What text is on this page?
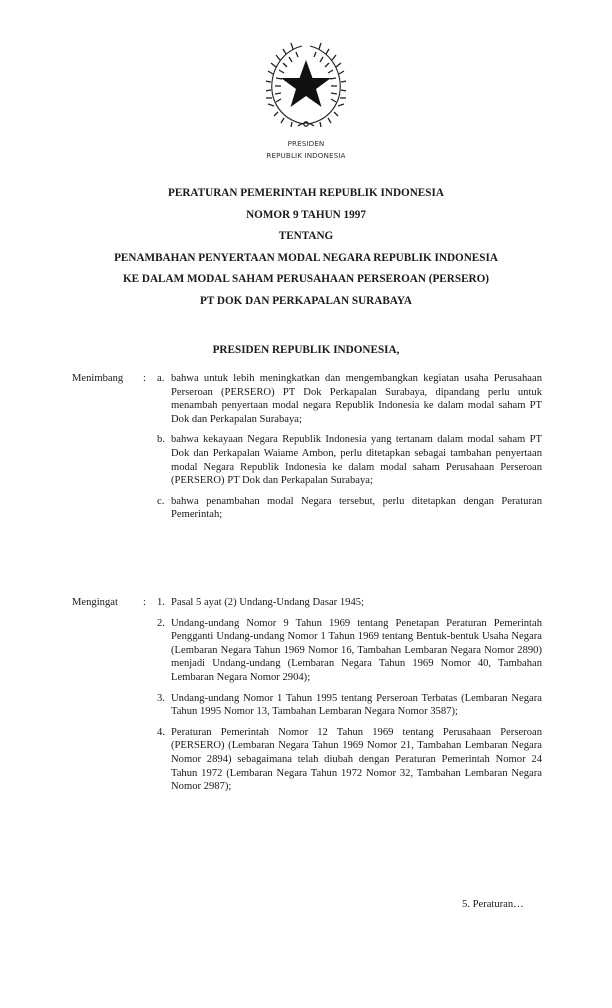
PRESIDEN
REPUBLIK INDONESIA
PERATURAN PEMERINTAH REPUBLIK INDONESIA
NOMOR 9 TAHUN 1997
TENTANG
PENAMBAHAN PENYERTAAN MODAL NEGARA REPUBLIK INDONESIA
KE DALAM MODAL SAHAM PERUSAHAAN PERSEROAN (PERSERO)
PT DOK DAN PERKAPALAN SURABAYA
PRESIDEN REPUBLIK INDONESIA,
Menimbang : a. bahwa untuk lebih meningkatkan dan mengembangkan kegiatan usaha Perusahaan Perseroan (PERSERO) PT Dok Perkapalan Surabaya, dipandang perlu untuk menambah penyertaan modal negara Republik Indonesia ke dalam modal saham PT Dok dan Perkapalan Surabaya;
b. bahwa kekayaan Negara Republik Indonesia yang tertanam dalam modal saham PT Dok dan Perkapalan Waiame Ambon, perlu ditetapkan sebagai tambahan penyertaan modal Negara Republik Indonesia ke dalam modal saham Perusahaan Perseroan (PERSERO) PT Dok dan Perkapalan Surabaya;
c. bahwa penambahan modal Negara tersebut, perlu ditetapkan dengan Peraturan Pemerintah;
Mengingat : 1. Pasal 5 ayat (2) Undang-Undang Dasar 1945;
2. Undang-undang Nomor 9 Tahun 1969 tentang Penetapan Peraturan Pemerintah Pengganti Undang-undang Nomor 1 Tahun 1969 tentang Bentuk-bentuk Usaha Negara (Lembaran Negara Tahun 1969 Nomor 16, Tambahan Lembaran Negara Nomor 2890) menjadi Undang-undang (Lembaran Negara Tahun 1969 Nomor 40, Tambahan Lembaran Negara Nomor 2904);
3. Undang-undang Nomor 1 Tahun 1995 tentang Perseroan Terbatas (Lembaran Negara Tahun 1995 Nomor 13, Tambahan Lembaran Negara Nomor 3587);
4. Peraturan Pemerintah Nomor 12 Tahun 1969 tentang Perusahaan Perseroan (PERSERO) (Lembaran Negara Tahun 1969 Nomor 21, Tambahan Lembaran Negara Nomor 2894) sebagaimana telah diubah dengan Peraturan Pemerintah Nomor 24 Tahun 1972 (Lembaran Negara Tahun 1972 Nomor 32, Tambahan Lembaran Negara Nomor 2987);
5. Peraturan…
